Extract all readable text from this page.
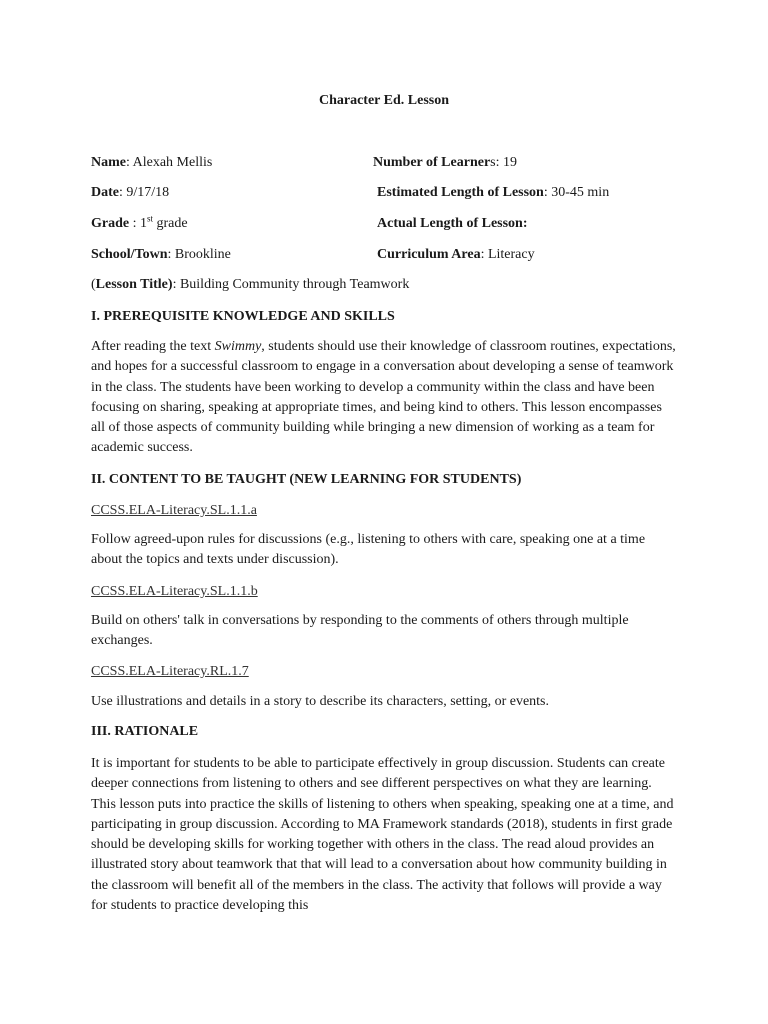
Character Ed. Lesson
Name: Alexah Mellis	Number of Learners: 19
Date: 9/17/18	Estimated Length of Lesson: 30-45 min
Grade : 1st grade	Actual Length of Lesson:
School/Town: Brookline	Curriculum Area: Literacy
(Lesson Title): Building Community through Teamwork
I. PREREQUISITE KNOWLEDGE AND SKILLS

After reading the text Swimmy, students should use their knowledge of classroom routines, expectations, and hopes for a successful classroom to engage in a conversation about developing a sense of teamwork in the class. The students have been working to develop a community within the class and have been focusing on sharing, speaking at appropriate times, and being kind to others. This lesson encompasses all of those aspects of community building while bringing a new dimension of working as a team for academic success.

II. CONTENT TO BE TAUGHT (NEW LEARNING FOR STUDENTS)
CCSS.ELA-Literacy.SL.1.1.a

Follow agreed-upon rules for discussions (e.g., listening to others with care, speaking one at a time about the topics and texts under discussion).

CCSS.ELA-Literacy.SL.1.1.b

Build on others' talk in conversations by responding to the comments of others through multiple exchanges.

CCSS.ELA-Literacy.RL.1.7

Use illustrations and details in a story to describe its characters, setting, or events.

III. RATIONALE

It is important for students to be able to participate effectively in group discussion. Students can create deeper connections from listening to others and see different perspectives on what they are learning. This lesson puts into practice the skills of listening to others when speaking, speaking one at a time, and participating in group discussion. According to MA Framework standards (2018), students in first grade should be developing skills for working together with others in the class. The read aloud provides an illustrated story about teamwork that that will lead to a conversation about how community building in the classroom will benefit all of the members in the class. The activity that follows will provide a way for students to practice developing this
